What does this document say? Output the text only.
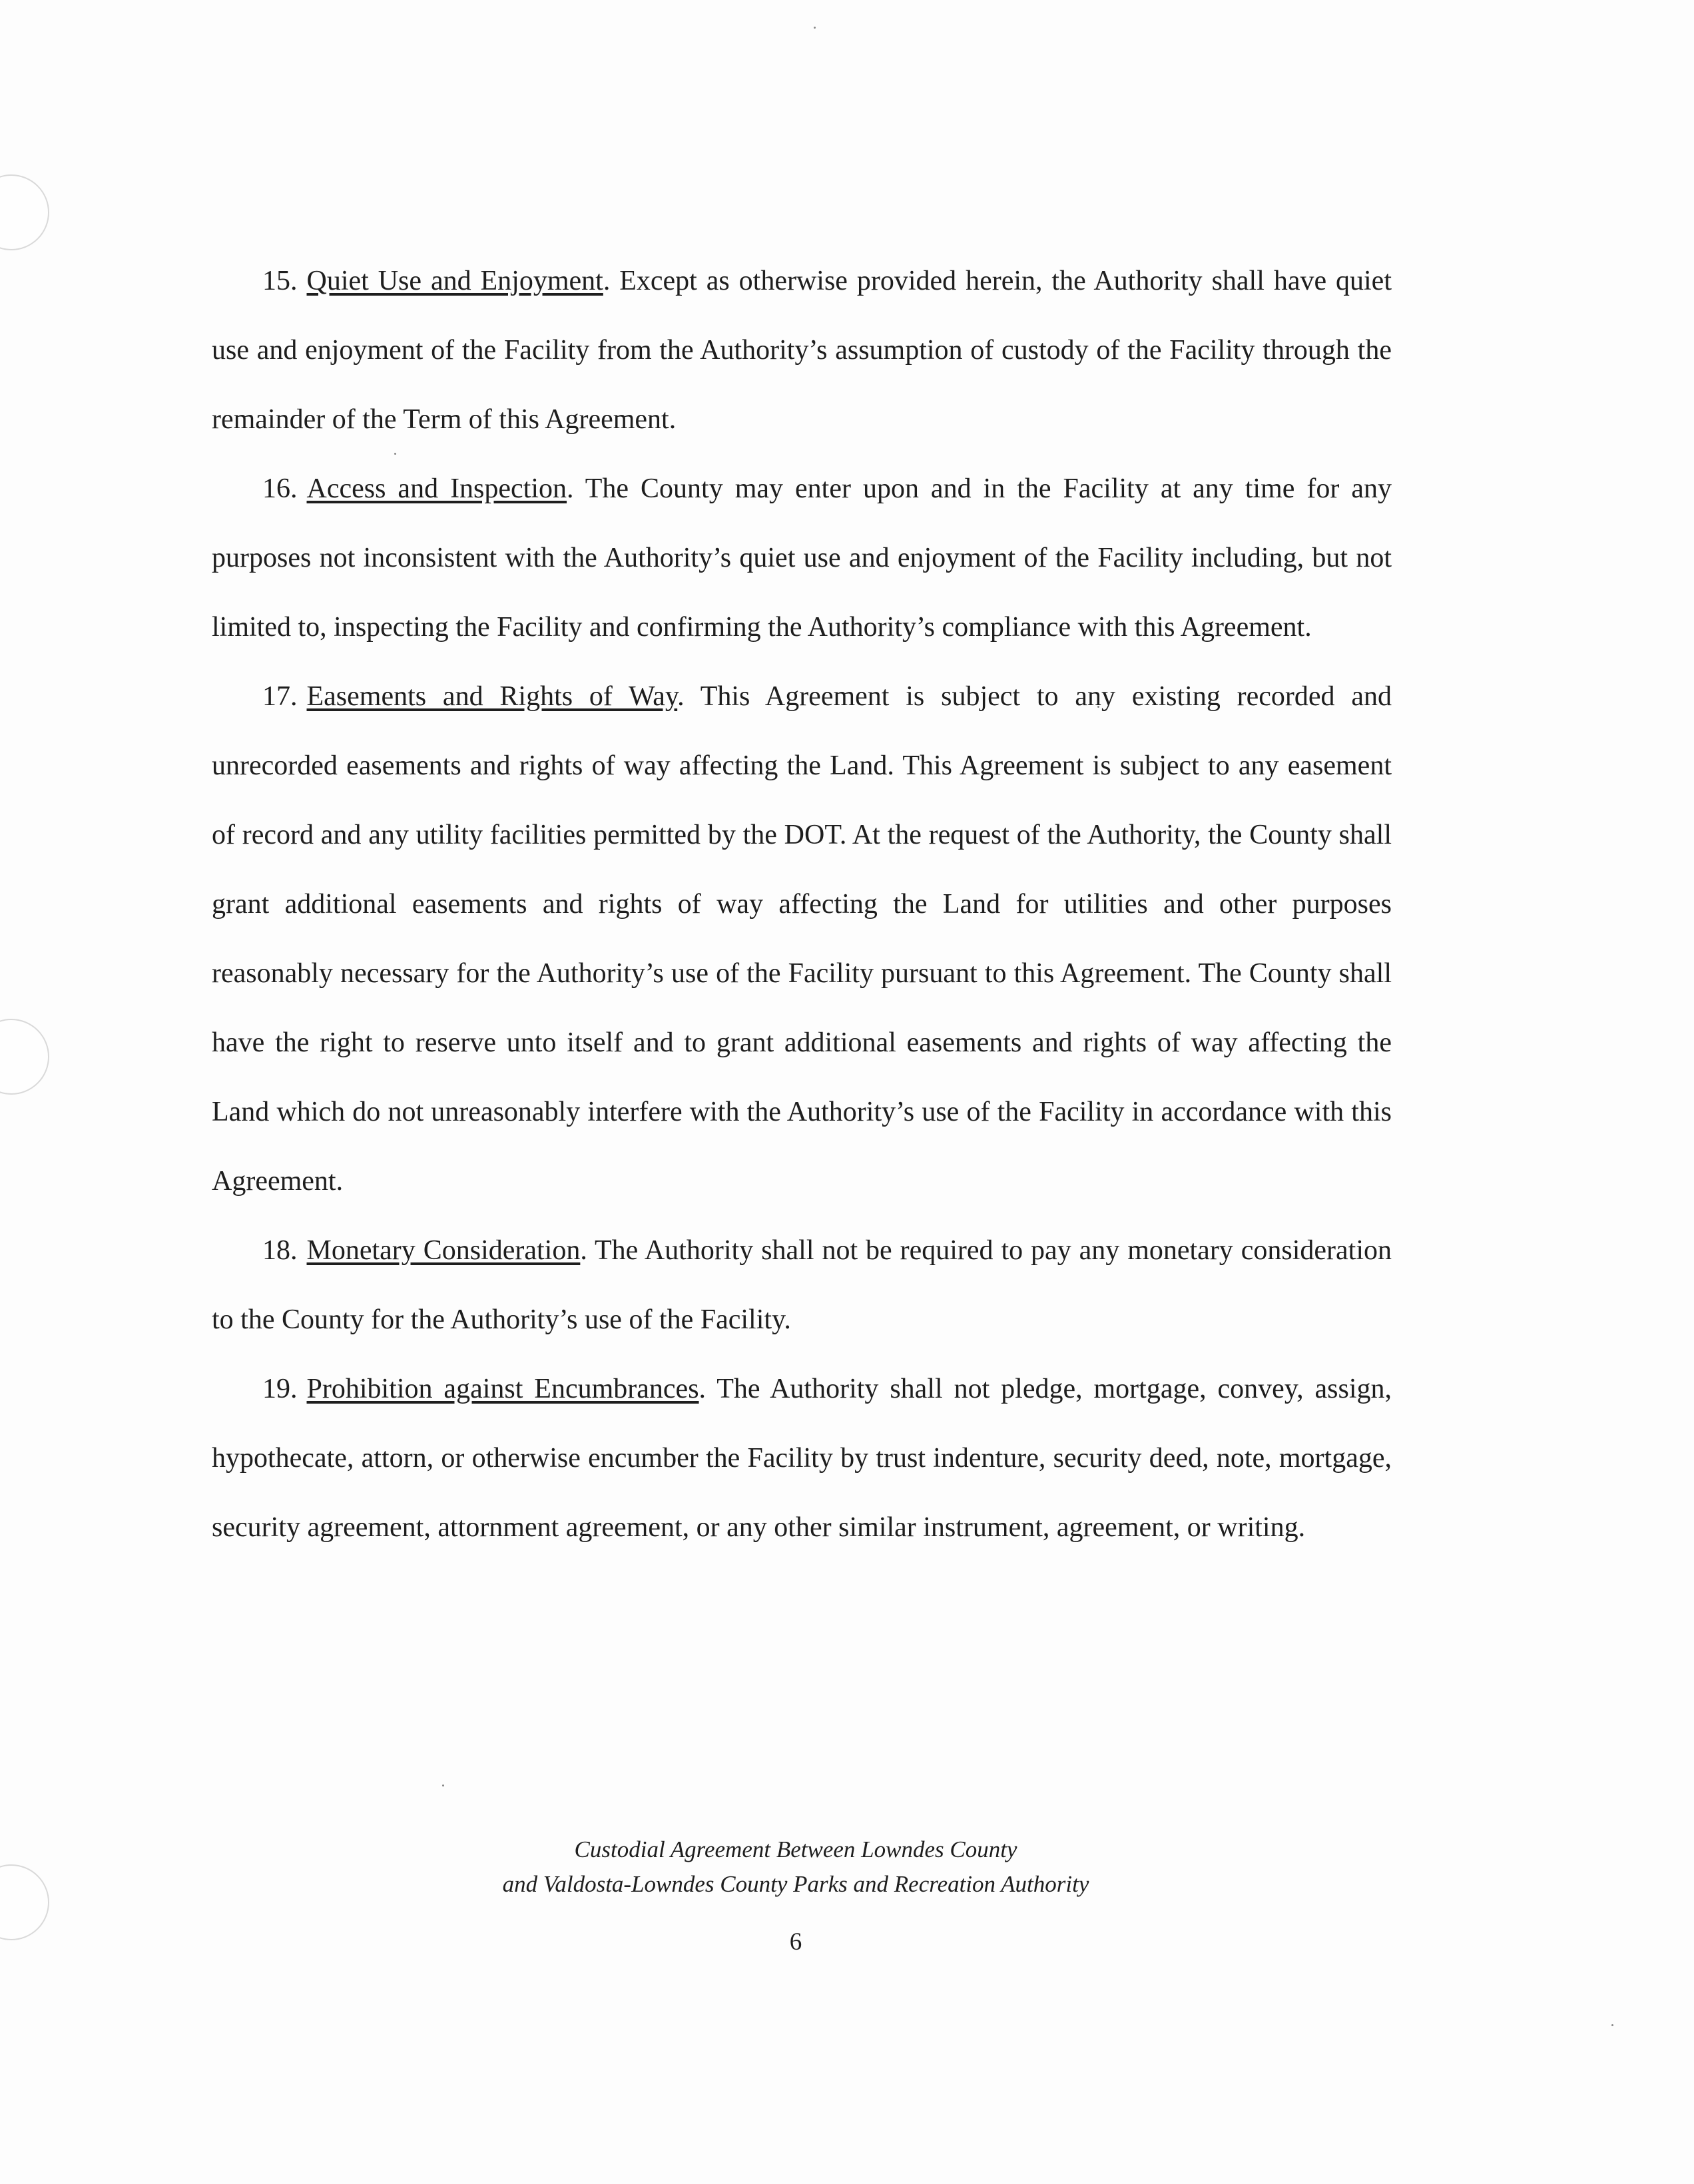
15. Quiet Use and Enjoyment. Except as otherwise provided herein, the Authority shall have quiet use and enjoyment of the Facility from the Authority’s assumption of custody of the Facility through the remainder of the Term of this Agreement.

16. Access and Inspection. The County may enter upon and in the Facility at any time for any purposes not inconsistent with the Authority’s quiet use and enjoyment of the Facility including, but not limited to, inspecting the Facility and confirming the Authority’s compliance with this Agreement.

17. Easements and Rights of Way. This Agreement is subject to any existing recorded and unrecorded easements and rights of way affecting the Land. This Agreement is subject to any easement of record and any utility facilities permitted by the DOT. At the request of the Authority, the County shall grant additional easements and rights of way affecting the Land for utilities and other purposes reasonably necessary for the Authority’s use of the Facility pursuant to this Agreement. The County shall have the right to reserve unto itself and to grant additional easements and rights of way affecting the Land which do not unreasonably interfere with the Authority’s use of the Facility in accordance with this Agreement.

18. Monetary Consideration. The Authority shall not be required to pay any monetary consideration to the County for the Authority’s use of the Facility.

19. Prohibition against Encumbrances. The Authority shall not pledge, mortgage, convey, assign, hypothecate, attorn, or otherwise encumber the Facility by trust indenture, security deed, note, mortgage, security agreement, attornment agreement, or any other similar instrument, agreement, or writing.

Custodial Agreement Between Lowndes County
and Valdosta-Lowndes County Parks and Recreation Authority
6
